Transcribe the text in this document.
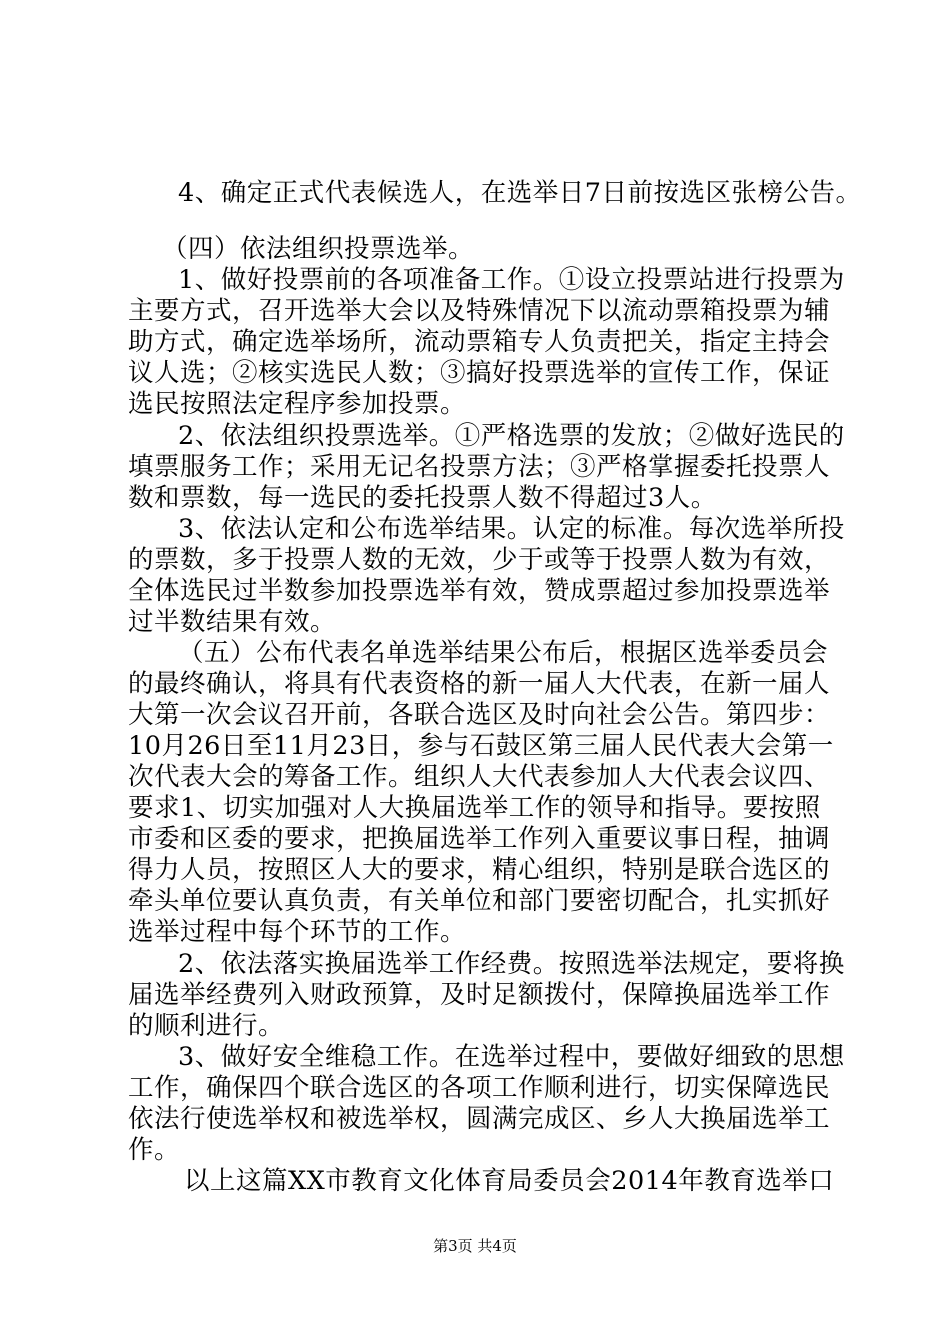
4、确定正式代表候选人，在选举日7日前按选区张榜公告。
（四）依法组织投票选举。
1、做好投票前的各项准备工作。①设立投票站进行投票为
主要方式，召开选举大会以及特殊情况下以流动票箱投票为辅
助方式，确定选举场所，流动票箱专人负责把关，指定主持会
议人选；②核实选民人数；③搞好投票选举的宣传工作，保证
选民按照法定程序参加投票。
2、依法组织投票选举。①严格选票的发放；②做好选民的
填票服务工作；采用无记名投票方法；③严格掌握委托投票人
数和票数，每一选民的委托投票人数不得超过3人。
3、依法认定和公布选举结果。认定的标准。每次选举所投
的票数，多于投票人数的无效，少于或等于投票人数为有效，
全体选民过半数参加投票选举有效，赞成票超过参加投票选举
过半数结果有效。
（五）公布代表名单选举结果公布后，根据区选举委员会
的最终确认，将具有代表资格的新一届人大代表，在新一届人
大第一次会议召开前，各联合选区及时向社会公告。第四步：
10月26日至11月23日，参与石鼓区第三届人民代表大会第一
次代表大会的筹备工作。组织人大代表参加人大代表会议四、
要求1、切实加强对人大换届选举工作的领导和指导。要按照
市委和区委的要求，把换届选举工作列入重要议事日程，抽调
得力人员，按照区人大的要求，精心组织，特别是联合选区的
牵头单位要认真负责，有关单位和部门要密切配合，扎实抓好
选举过程中每个环节的工作。
2、依法落实换届选举工作经费。按照选举法规定，要将换
届选举经费列入财政预算，及时足额拨付，保障换届选举工作
的顺利进行。
3、做好安全维稳工作。在选举过程中，要做好细致的思想
工作，确保四个联合选区的各项工作顺利进行，切实保障选民
依法行使选举权和被选举权，圆满完成区、乡人大换届选举工
作。
以上这篇XX市教育文化体育局委员会2014年教育选举口
第3页 共4页
